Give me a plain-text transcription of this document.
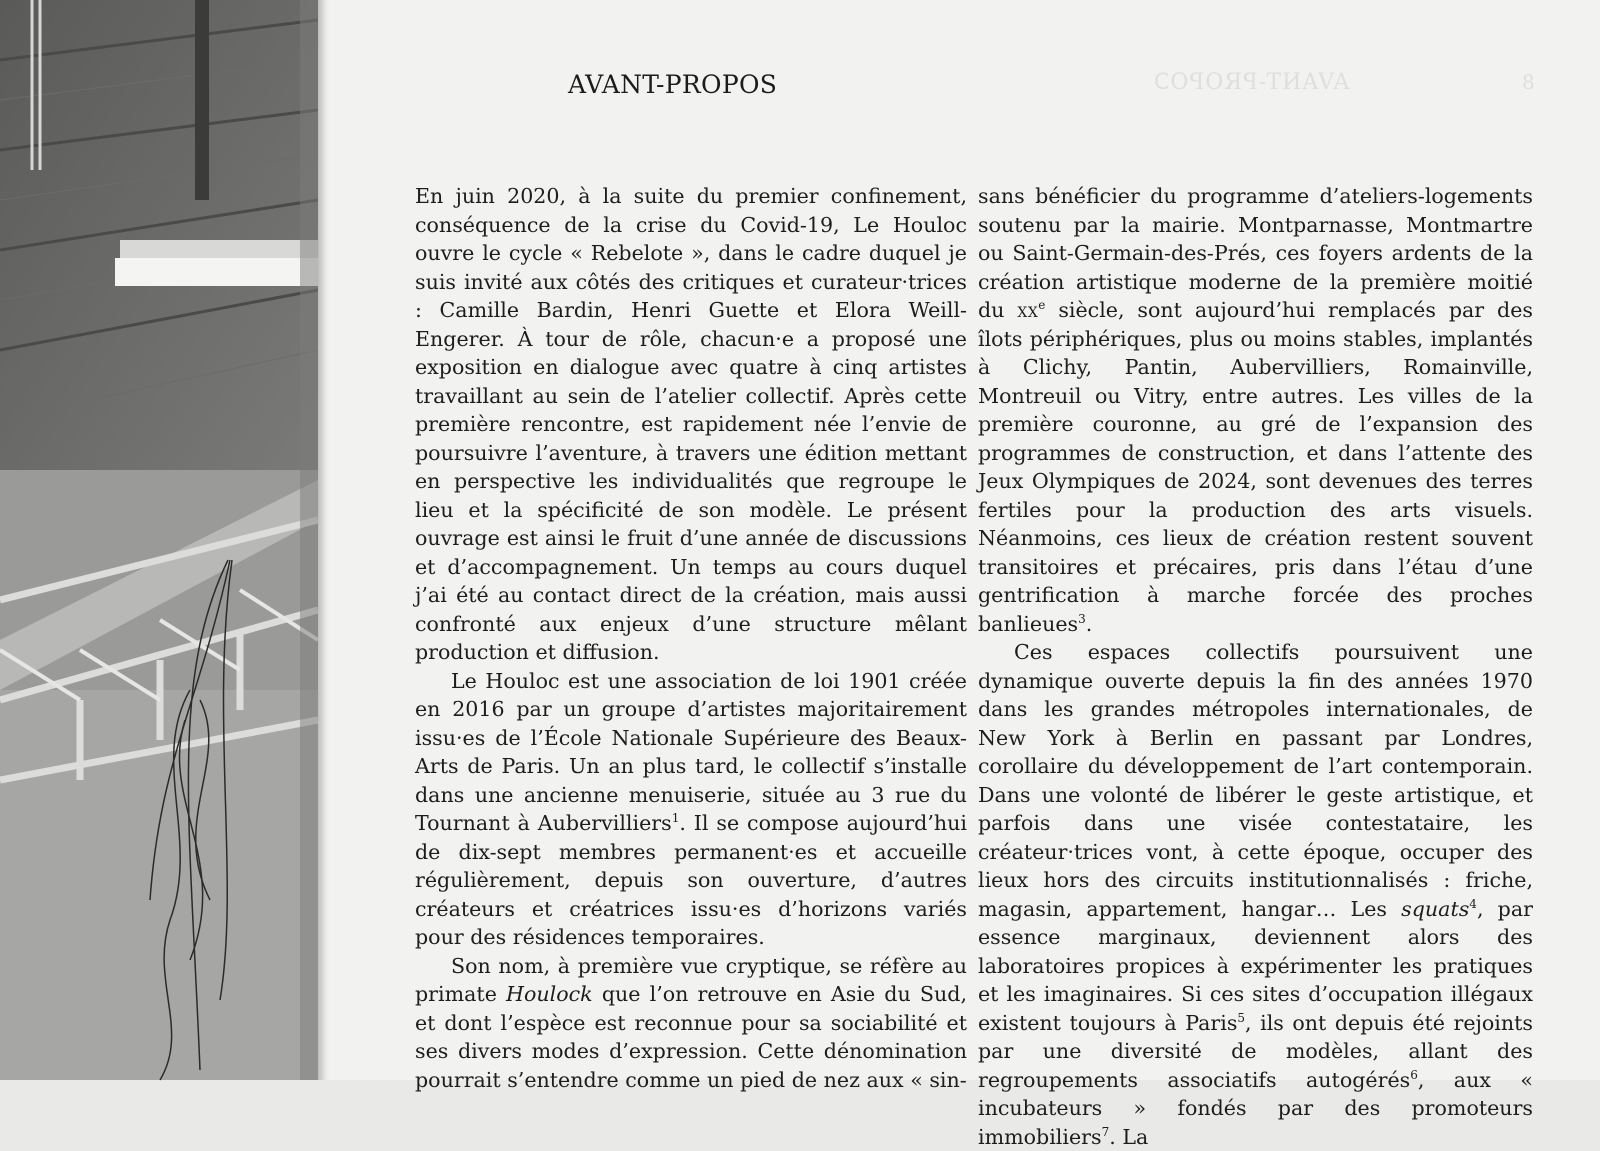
ꓚOꟼOЯꟼ-TИAVA	8
AVANT-PROPOS

En juin 2020, à la suite du premier confinement, conséquence de la crise du Covid-19, Le Houloc ouvre le cycle « Rebelote », dans le cadre duquel je suis invité aux côtés des critiques et curateur·trices : Camille Bardin, Henri Guette et Elora Weill-Engerer. À tour de rôle, chacun·e a proposé une exposition en dialogue avec quatre à cinq artistes travaillant au sein de l’atelier collectif. Après cette première rencontre, est rapidement née l’envie de poursuivre l’aventure, à travers une édition mettant en perspective les individualités que regroupe le lieu et la spécificité de son modèle. Le présent ouvrage est ainsi le fruit d’une année de discussions et d’accompagnement. Un temps au cours duquel j’ai été au contact direct de la création, mais aussi confronté aux enjeux d’une structure mêlant production et diffusion.

Le Houloc est une association de loi 1901 créée en 2016 par un groupe d’artistes majoritairement issu·es de l’École Nationale Supérieure des Beaux-Arts de Paris. Un an plus tard, le collectif s’installe dans une ancienne menuiserie, située au 3 rue du Tournant à Aubervilliers$^1$. Il se compose aujourd’hui de dix-sept membres permanent·es et accueille régulièrement, depuis son ouverture, d’autres créateurs et créatrices issu·es d’horizons variés pour des résidences temporaires.

Son nom, à première vue cryptique, se réfère au primate Houlock que l’on retrouve en Asie du Sud, et dont l’espèce est reconnue pour sa sociabilité et ses divers modes d’expression. Cette dénomination pourrait s’entendre comme un pied de nez aux « sin-

sans bénéficier du programme d’ateliers-logements soutenu par la mairie. Montparnasse, Montmartre ou Saint-Germain-des-Prés, ces foyers ardents de la création artistique moderne de la première moitié du $xx^e$ siècle, sont aujourd’hui remplacés par des îlots périphériques, plus ou moins stables, implantés à Clichy, Pantin, Aubervilliers, Romainville, Montreuil ou Vitry, entre autres. Les villes de la première couronne, au gré de l’expansion des programmes de construction, et dans l’attente des Jeux Olympiques de 2024, sont devenues des terres fertiles pour la production des arts visuels. Néanmoins, ces lieux de création restent souvent transitoires et précaires, pris dans l’étau d’une gentrification à marche forcée des proches banlieues$^3$.

Ces espaces collectifs poursuivent une dynamique ouverte depuis la fin des années 1970 dans les grandes métropoles internationales, de New York à Berlin en passant par Londres, corollaire du développement de l’art contemporain. Dans une volonté de libérer le geste artistique, et parfois dans une visée contestataire, les créateur·trices vont, à cette époque, occuper des lieux hors des circuits institutionnalisés : friche, magasin, appartement, hangar… Les squats$^4$, par essence marginaux, deviennent alors des laboratoires propices à expérimenter les pratiques et les imaginaires. Si ces sites d’occupation illégaux existent toujours à Paris$^5$, ils ont depuis été rejoints par une diversité de modèles, allant des regroupements associatifs autogérés$^6$, aux « incubateurs » fondés par des promoteurs immobiliers$^7$. La
